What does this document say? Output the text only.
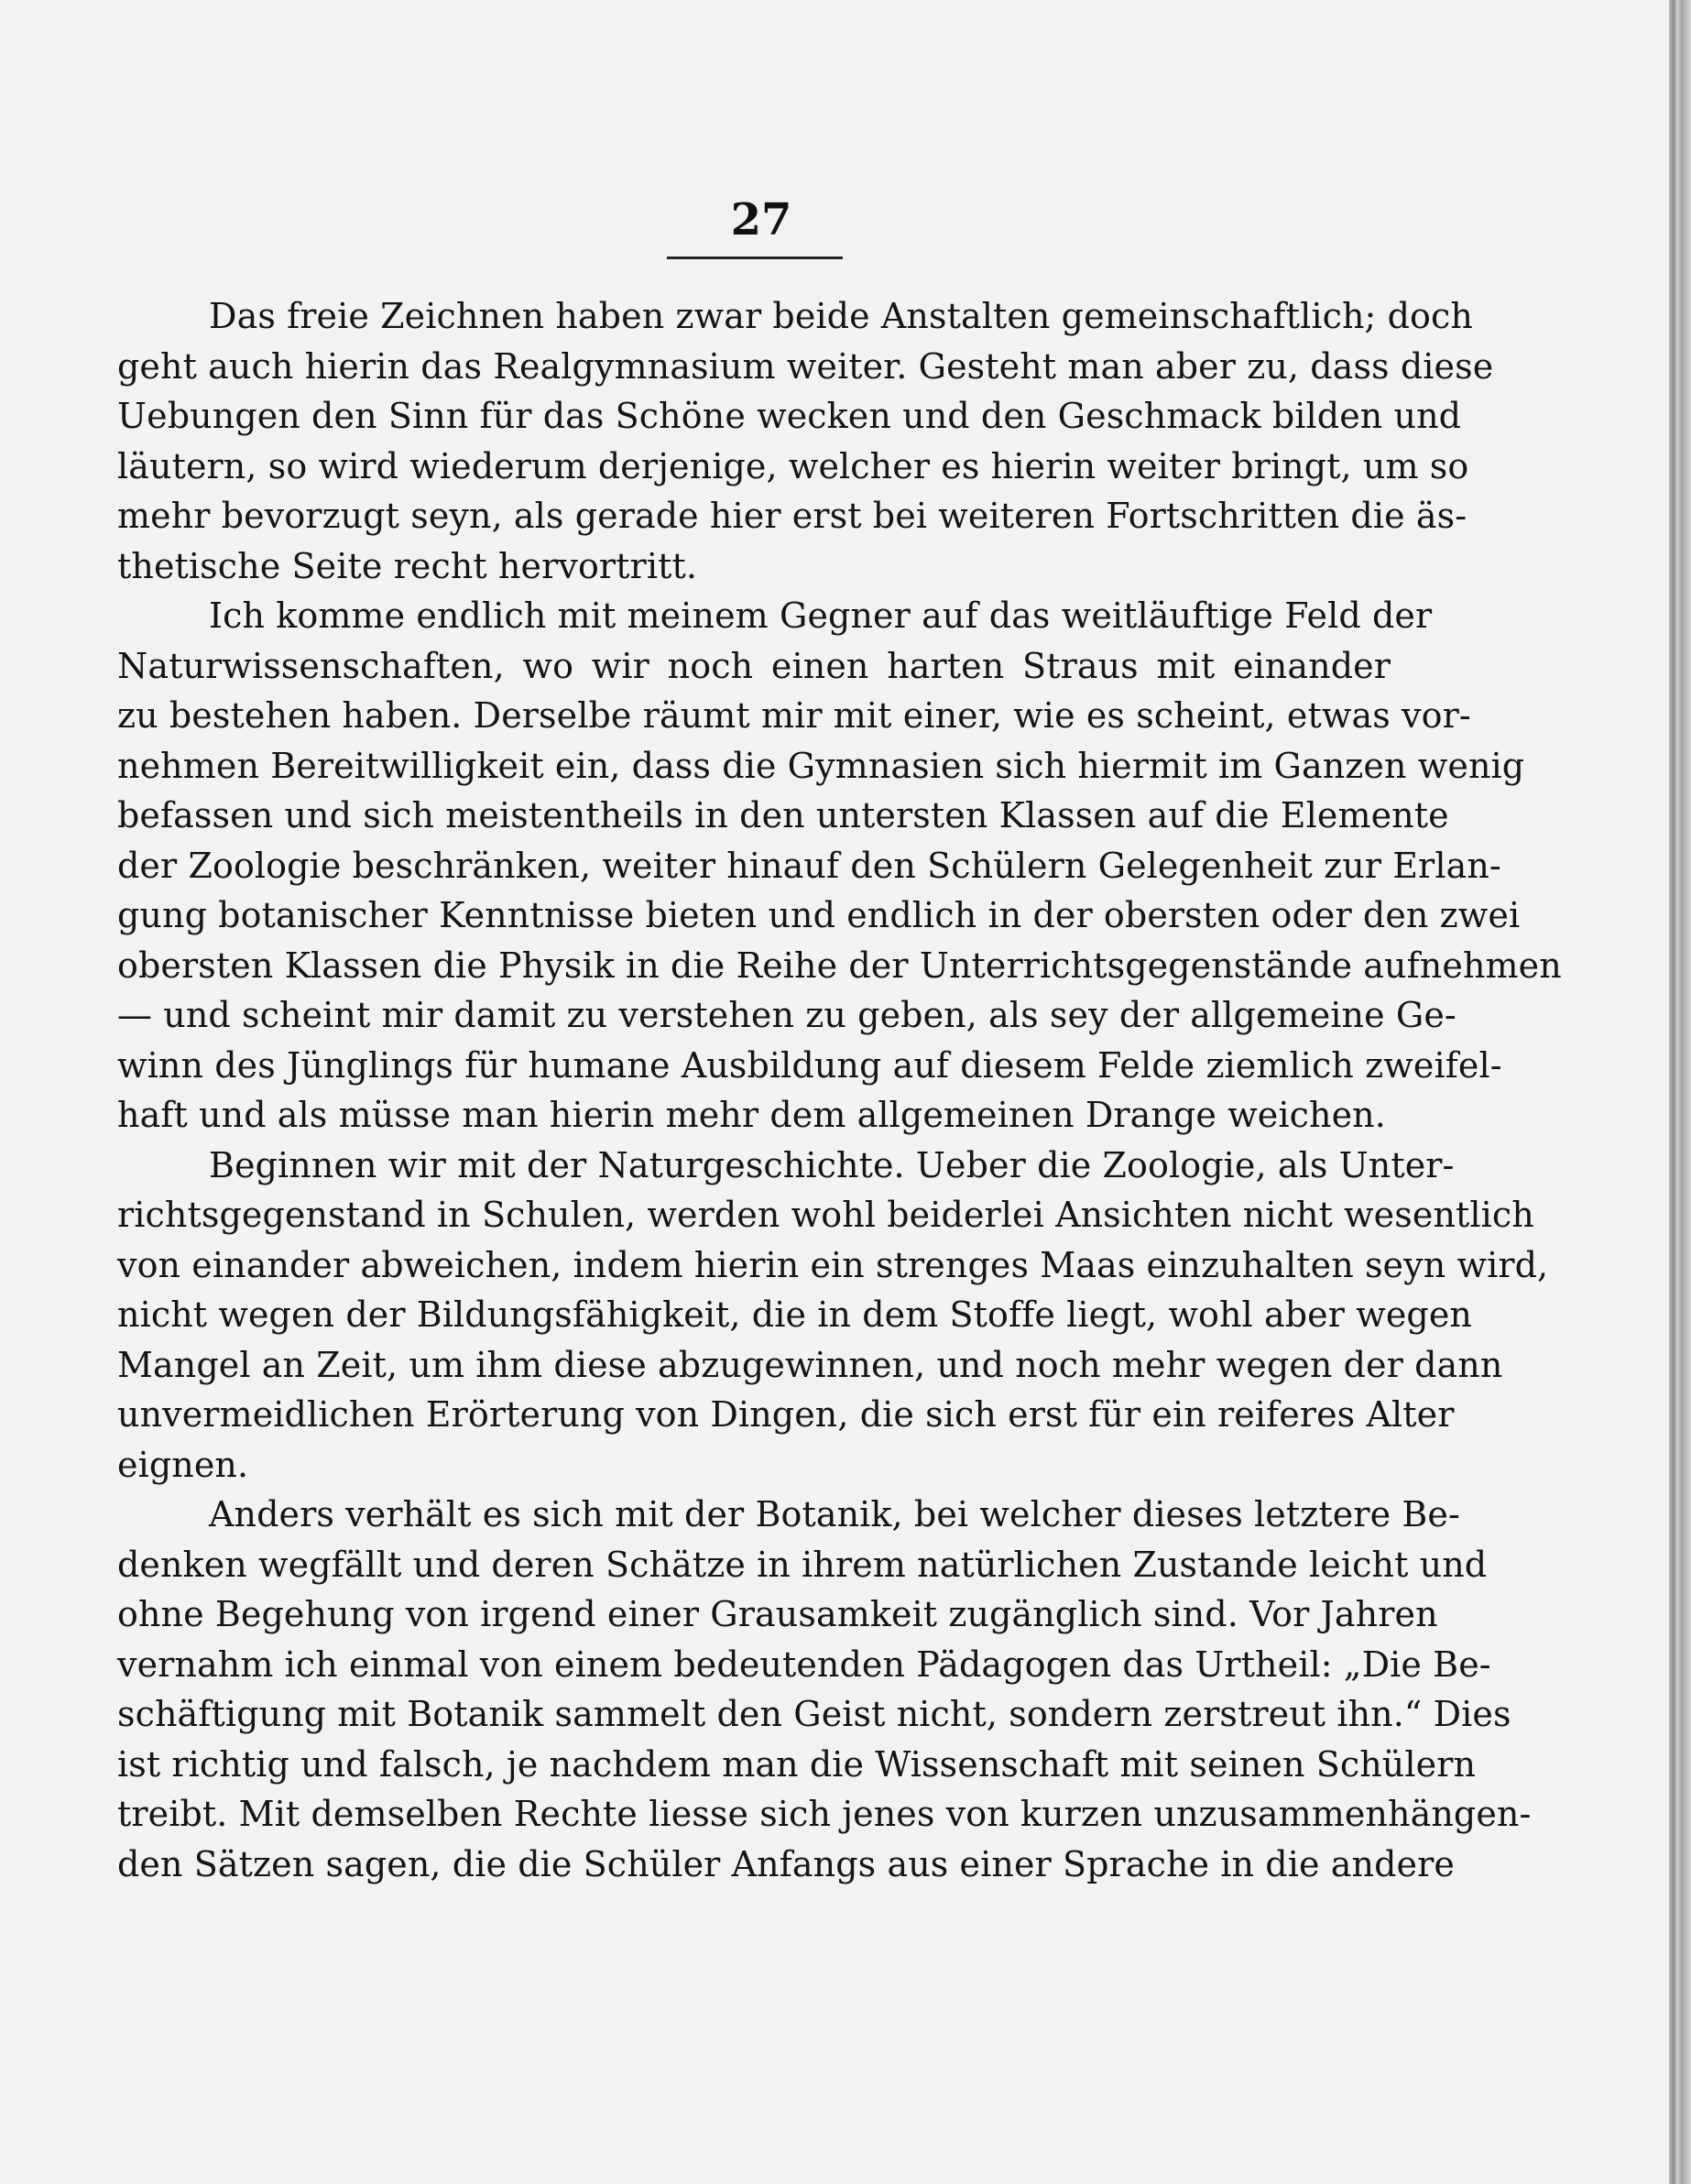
27
Das freie Zeichnen haben zwar beide Anstalten gemeinschaftlich; doch
geht auch hierin das Realgymnasium weiter. Gesteht man aber zu, dass diese
Uebungen den Sinn für das Schöne wecken und den Geschmack bilden und
läutern, so wird wiederum derjenige, welcher es hierin weiter bringt, um so
mehr bevorzugt seyn, als gerade hier erst bei weiteren Fortschritten die äs-
thetische Seite recht hervortritt.
Ich komme endlich mit meinem Gegner auf das weitläuftige Feld der
Naturwissenschaften, wo wir noch einen harten Straus mit einander
zu bestehen haben. Derselbe räumt mir mit einer, wie es scheint, etwas vor-
nehmen Bereitwilligkeit ein, dass die Gymnasien sich hiermit im Ganzen wenig
befassen und sich meistentheils in den untersten Klassen auf die Elemente
der Zoologie beschränken, weiter hinauf den Schülern Gelegenheit zur Erlan-
gung botanischer Kenntnisse bieten und endlich in der obersten oder den zwei
obersten Klassen die Physik in die Reihe der Unterrichtsgegenstände aufnehmen
— und scheint mir damit zu verstehen zu geben, als sey der allgemeine Ge-
winn des Jünglings für humane Ausbildung auf diesem Felde ziemlich zweifel-
haft und als müsse man hierin mehr dem allgemeinen Drange weichen.
Beginnen wir mit der Naturgeschichte. Ueber die Zoologie, als Unter-
richtsgegenstand in Schulen, werden wohl beiderlei Ansichten nicht wesentlich
von einander abweichen, indem hierin ein strenges Maas einzuhalten seyn wird,
nicht wegen der Bildungsfähigkeit, die in dem Stoffe liegt, wohl aber wegen
Mangel an Zeit, um ihm diese abzugewinnen, und noch mehr wegen der dann
unvermeidlichen Erörterung von Dingen, die sich erst für ein reiferes Alter
eignen.
Anders verhält es sich mit der Botanik, bei welcher dieses letztere Be-
denken wegfällt und deren Schätze in ihrem natürlichen Zustande leicht und
ohne Begehung von irgend einer Grausamkeit zugänglich sind. Vor Jahren
vernahm ich einmal von einem bedeutenden Pädagogen das Urtheil: „Die Be-
schäftigung mit Botanik sammelt den Geist nicht, sondern zerstreut ihn.“ Dies
ist richtig und falsch, je nachdem man die Wissenschaft mit seinen Schülern
treibt. Mit demselben Rechte liesse sich jenes von kurzen unzusammenhängen-
den Sätzen sagen, die die Schüler Anfangs aus einer Sprache in die andere
